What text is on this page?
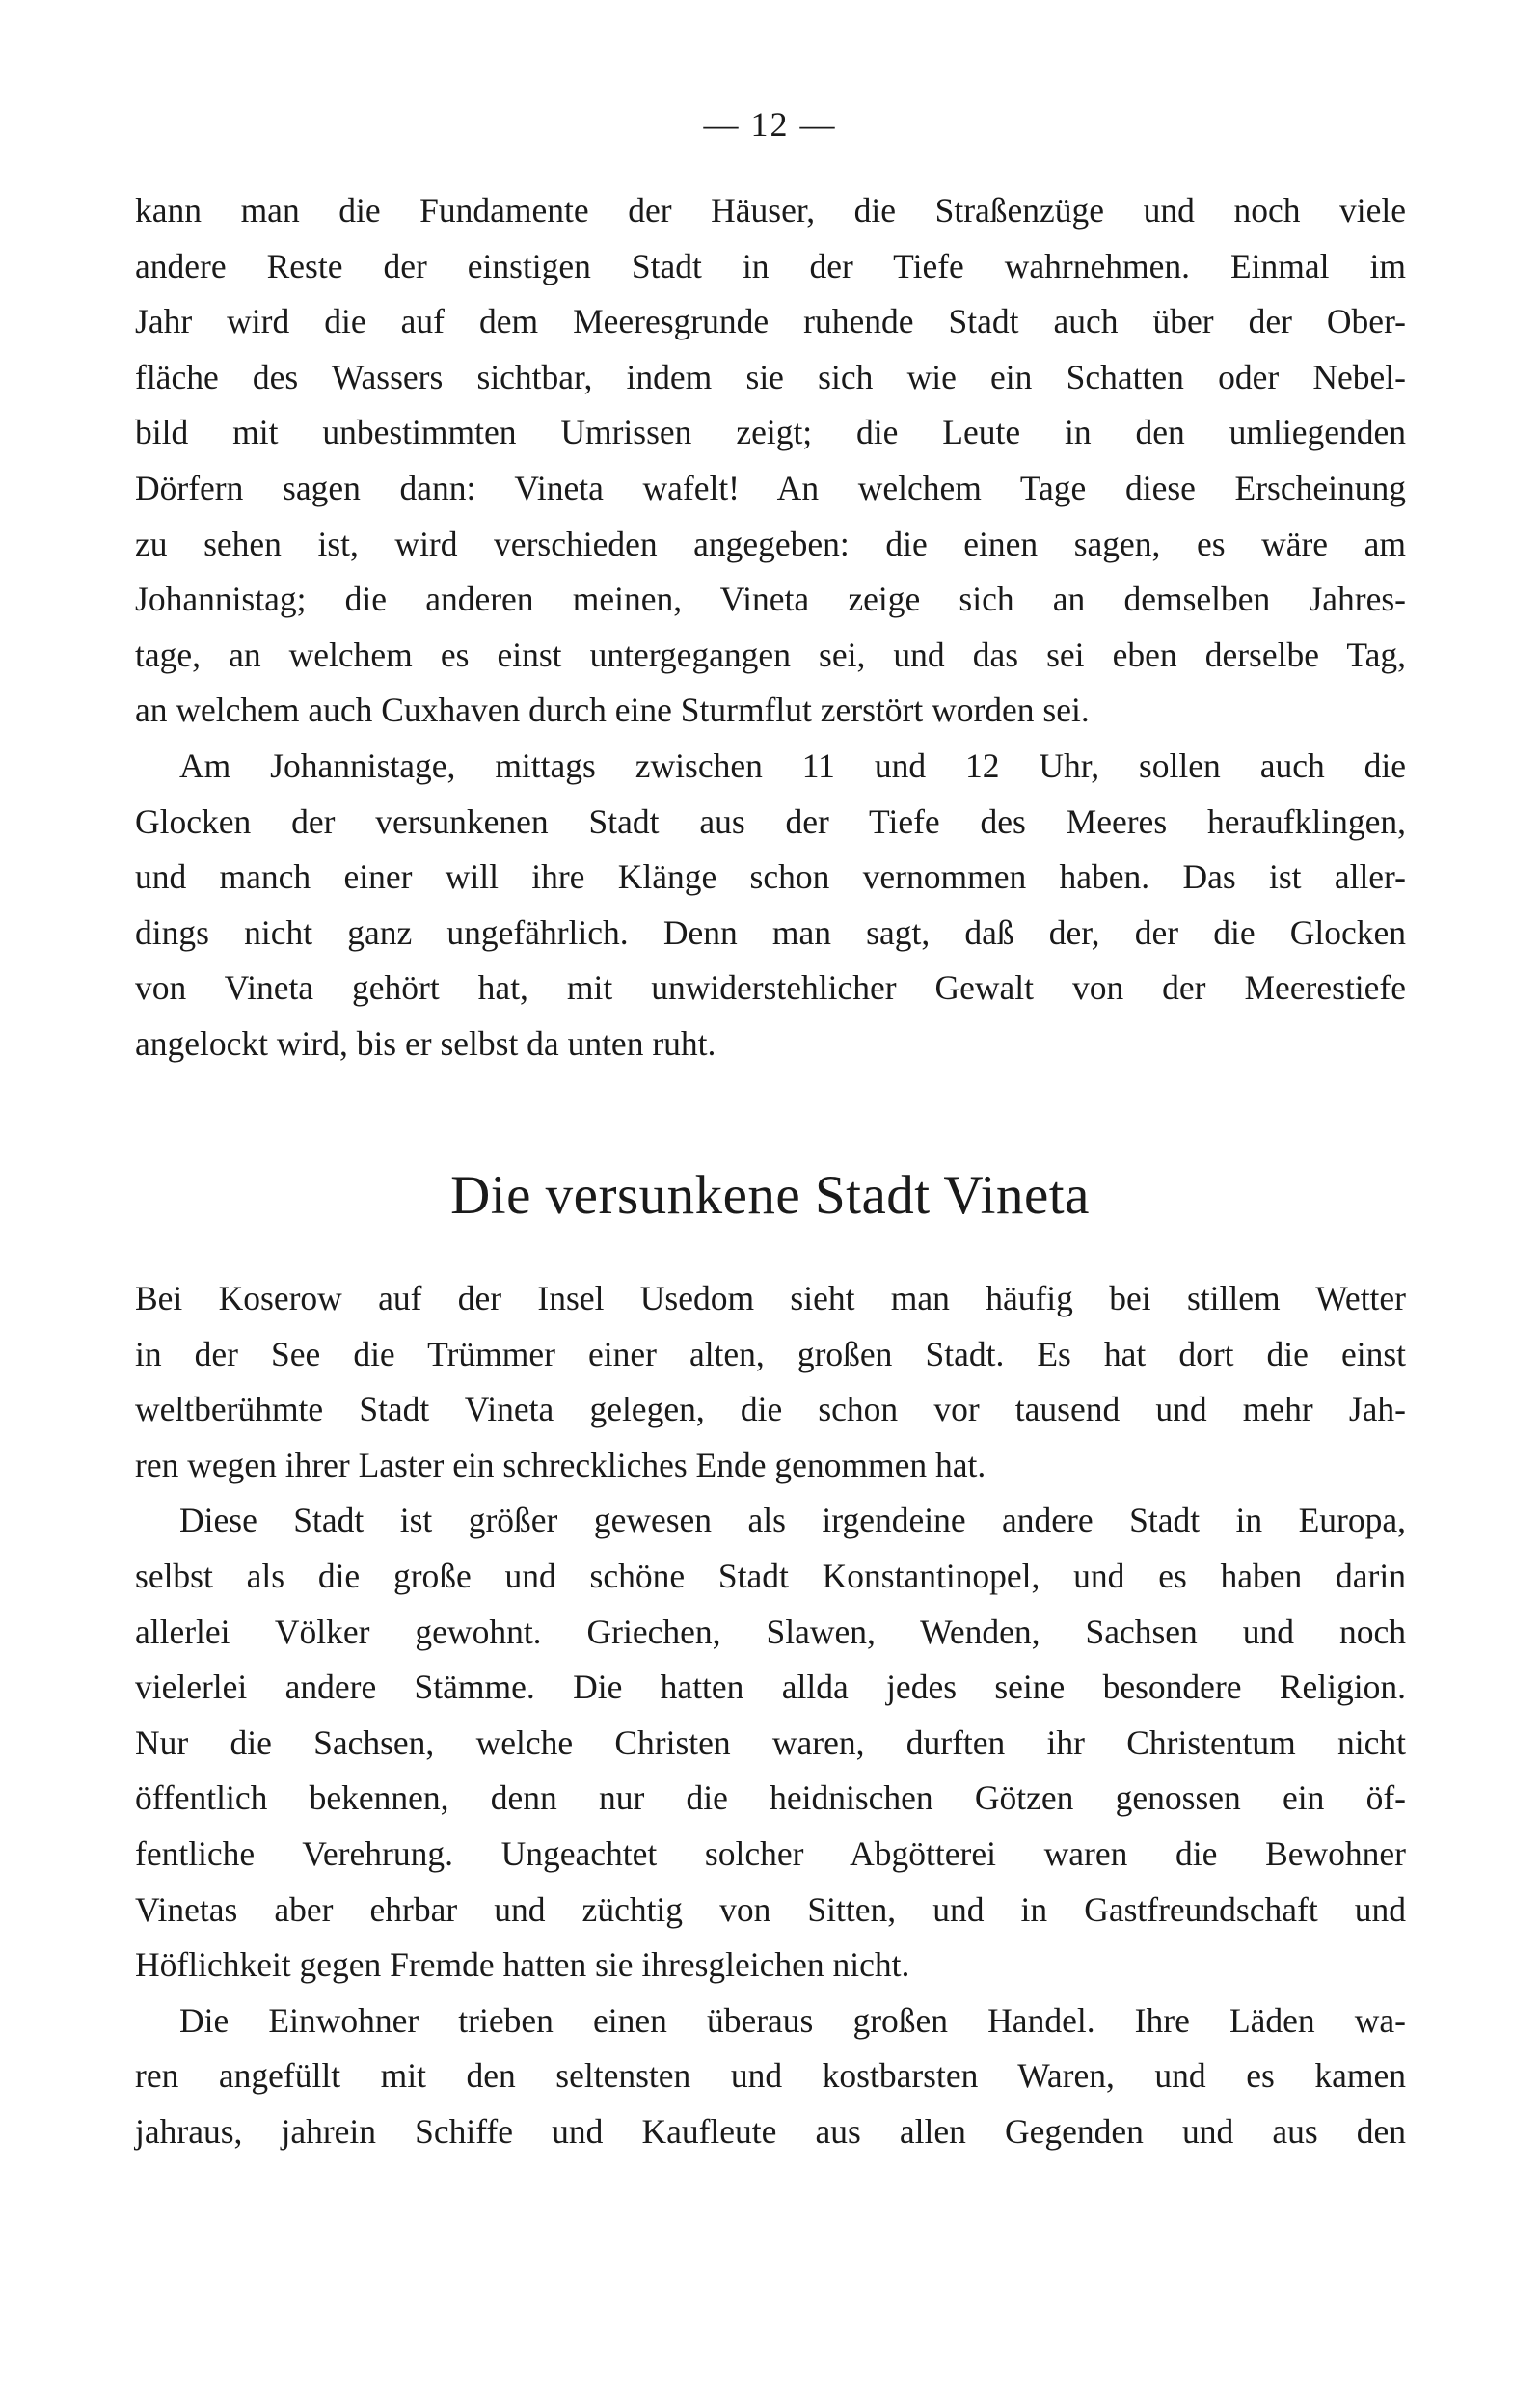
— 12 —
kann man die Fundamente der Häuser, die Straßenzüge und noch viele
andere Reste der einstigen Stadt in der Tiefe wahrnehmen. Einmal im
Jahr wird die auf dem Meeresgrunde ruhende Stadt auch über der Ober-
fläche des Wassers sichtbar, indem sie sich wie ein Schatten oder Nebel-
bild mit unbestimmten Umrissen zeigt; die Leute in den umliegenden
Dörfern sagen dann: Vineta wafelt! An welchem Tage diese Erscheinung
zu sehen ist, wird verschieden angegeben: die einen sagen, es wäre am
Johannistag; die anderen meinen, Vineta zeige sich an demselben Jahres-
tage, an welchem es einst untergegangen sei, und das sei eben derselbe Tag,
an welchem auch Cuxhaven durch eine Sturmflut zerstört worden sei.
Am Johannistage, mittags zwischen 11 und 12 Uhr, sollen auch die
Glocken der versunkenen Stadt aus der Tiefe des Meeres heraufklingen,
und manch einer will ihre Klänge schon vernommen haben. Das ist aller-
dings nicht ganz ungefährlich. Denn man sagt, daß der, der die Glocken
von Vineta gehört hat, mit unwiderstehlicher Gewalt von der Meerestiefe
angelockt wird, bis er selbst da unten ruht.
Die versunkene Stadt Vineta
Bei Koserow auf der Insel Usedom sieht man häufig bei stillem Wetter
in der See die Trümmer einer alten, großen Stadt. Es hat dort die einst
weltberühmte Stadt Vineta gelegen, die schon vor tausend und mehr Jah-
ren wegen ihrer Laster ein schreckliches Ende genommen hat.
Diese Stadt ist größer gewesen als irgendeine andere Stadt in Europa,
selbst als die große und schöne Stadt Konstantinopel, und es haben darin
allerlei Völker gewohnt. Griechen, Slawen, Wenden, Sachsen und noch
vielerlei andere Stämme. Die hatten allda jedes seine besondere Religion.
Nur die Sachsen, welche Christen waren, durften ihr Christentum nicht
öffentlich bekennen, denn nur die heidnischen Götzen genossen ein öf-
fentliche Verehrung. Ungeachtet solcher Abgötterei waren die Bewohner
Vinetas aber ehrbar und züchtig von Sitten, und in Gastfreundschaft und
Höflichkeit gegen Fremde hatten sie ihresgleichen nicht.
Die Einwohner trieben einen überaus großen Handel. Ihre Läden wa-
ren angefüllt mit den seltensten und kostbarsten Waren, und es kamen
jahraus, jahrein Schiffe und Kaufleute aus allen Gegenden und aus den
